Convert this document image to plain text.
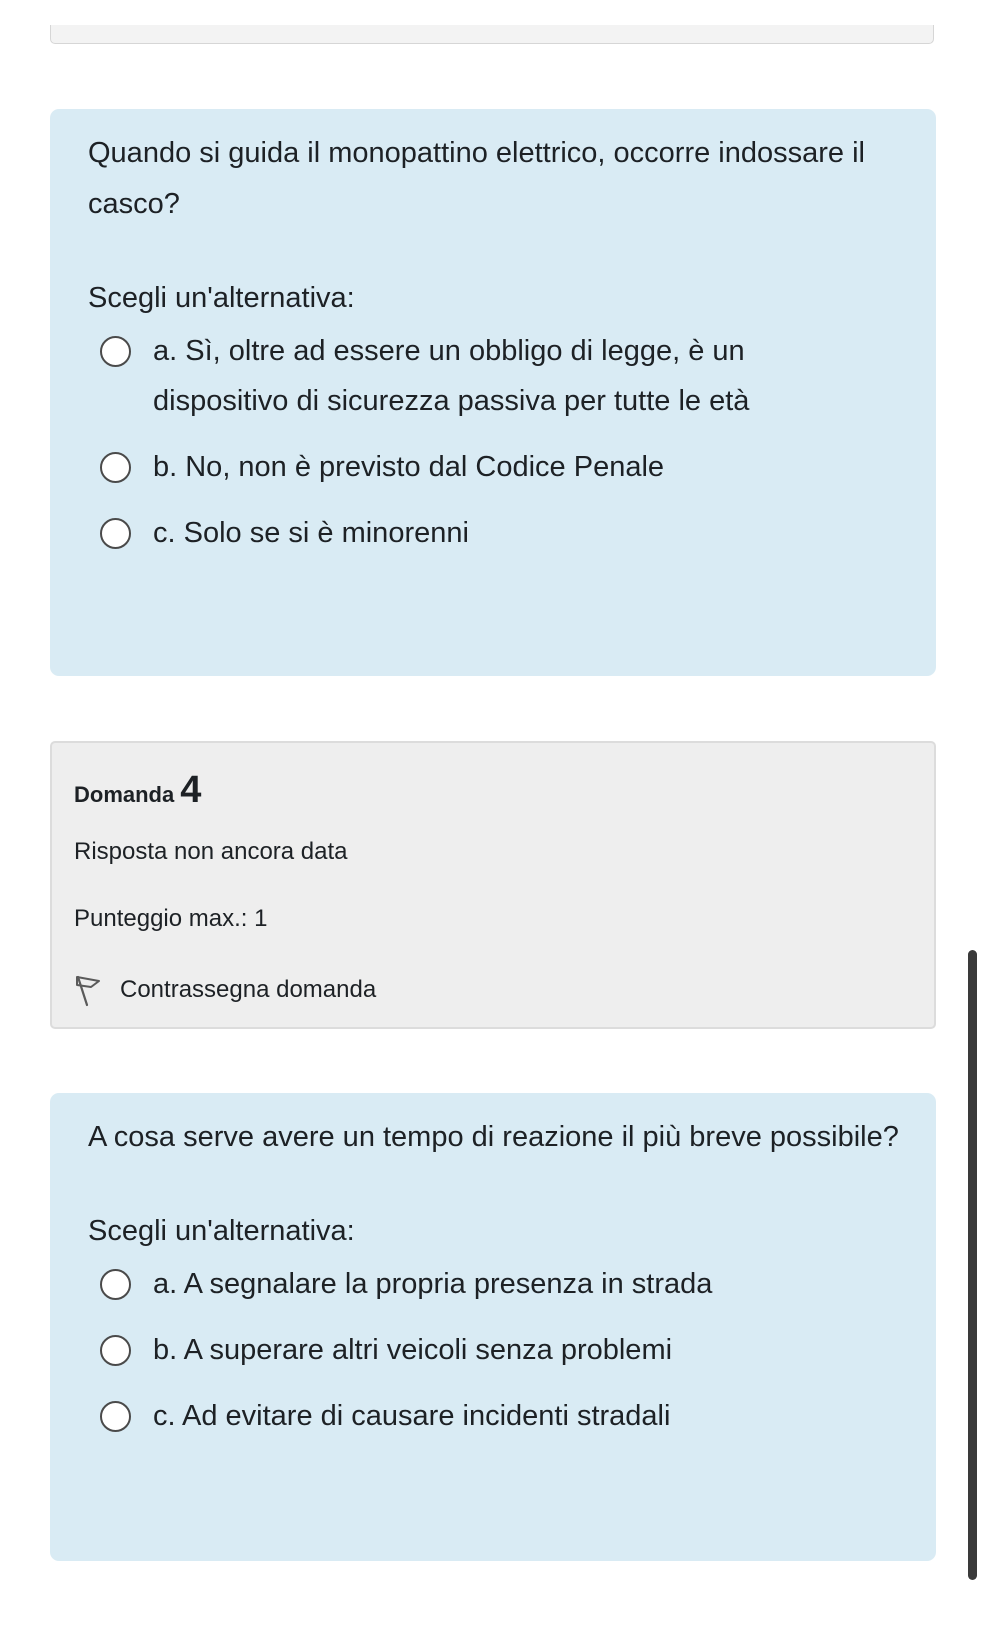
Quando si guida il monopattino elettrico, occorre indossare il casco?
Scegli un'alternativa:
a. Sì, oltre ad essere un obbligo di legge, è un dispositivo di sicurezza passiva per tutte le età
b. No, non è previsto dal Codice Penale
c. Solo se si è minorenni
Domanda 4
Risposta non ancora data
Punteggio max.: 1
Contrassegna domanda
A cosa serve avere un tempo di reazione il più breve possibile?
Scegli un'alternativa:
a. A segnalare la propria presenza in strada
b. A superare altri veicoli senza problemi
c. Ad evitare di causare incidenti stradali
